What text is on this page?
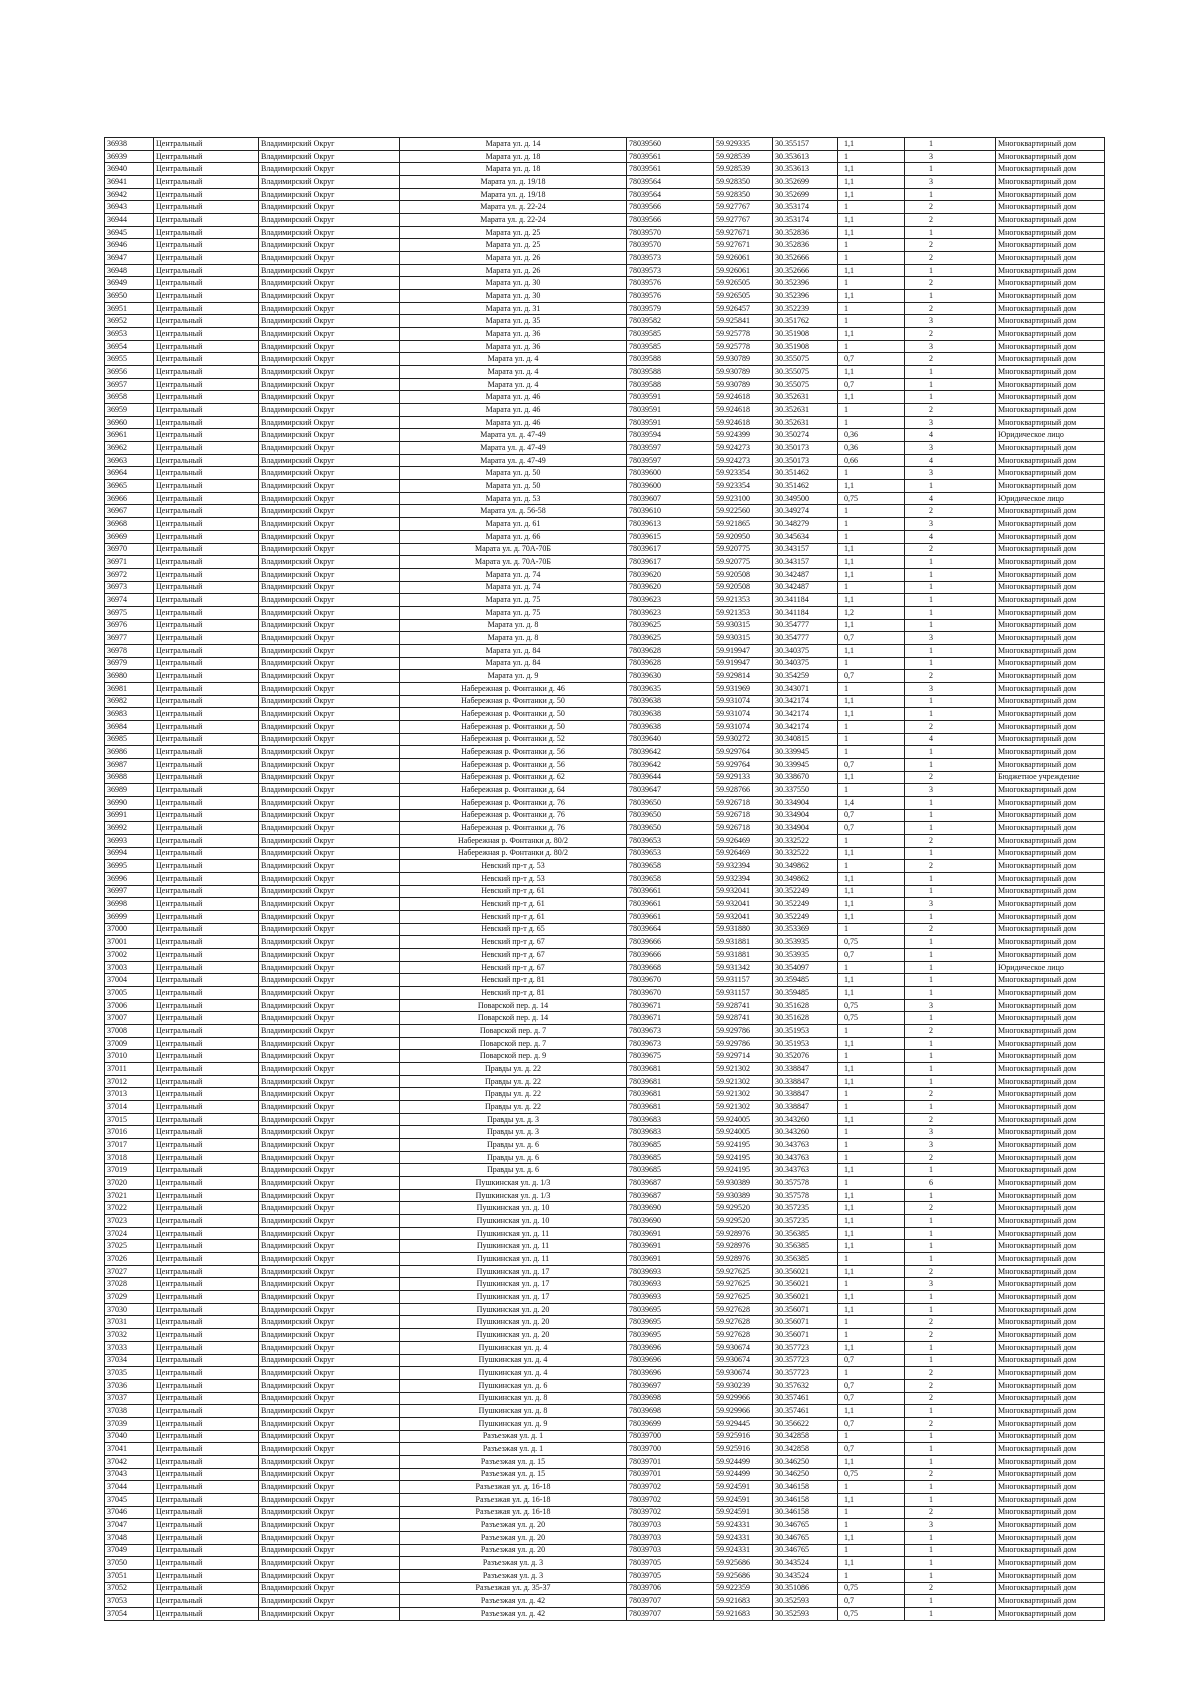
36938	Центральный	Владимирский Округ	Марата ул. д. 14	78039560	59.929335	30.355157	1,1	1	Многоквартирный дом
36939	Центральный	Владимирский Округ	Марата ул. д. 18	78039561	59.928539	30.353613	1	3	Многоквартирный дом
36940	Центральный	Владимирский Округ	Марата ул. д. 18	78039561	59.928539	30.353613	1,1	1	Многоквартирный дом
36941	Центральный	Владимирский Округ	Марата ул. д. 19/18	78039564	59.928350	30.352699	1,1	3	Многоквартирный дом
36942	Центральный	Владимирский Округ	Марата ул. д. 19/18	78039564	59.928350	30.352699	1,1	1	Многоквартирный дом
36943	Центральный	Владимирский Округ	Марата ул. д. 22-24	78039566	59.927767	30.353174	1	2	Многоквартирный дом
36944	Центральный	Владимирский Округ	Марата ул. д. 22-24	78039566	59.927767	30.353174	1,1	2	Многоквартирный дом
36945	Центральный	Владимирский Округ	Марата ул. д. 25	78039570	59.927671	30.352836	1,1	1	Многоквартирный дом
36946	Центральный	Владимирский Округ	Марата ул. д. 25	78039570	59.927671	30.352836	1	2	Многоквартирный дом
36947	Центральный	Владимирский Округ	Марата ул. д. 26	78039573	59.926061	30.352666	1	2	Многоквартирный дом
36948	Центральный	Владимирский Округ	Марата ул. д. 26	78039573	59.926061	30.352666	1,1	1	Многоквартирный дом
36949	Центральный	Владимирский Округ	Марата ул. д. 30	78039576	59.926505	30.352396	1	2	Многоквартирный дом
36950	Центральный	Владимирский Округ	Марата ул. д. 30	78039576	59.926505	30.352396	1,1	1	Многоквартирный дом
36951	Центральный	Владимирский Округ	Марата ул. д. 31	78039579	59.926457	30.352239	1	2	Многоквартирный дом
36952	Центральный	Владимирский Округ	Марата ул. д. 35	78039582	59.925841	30.351762	1	3	Многоквартирный дом
36953	Центральный	Владимирский Округ	Марата ул. д. 36	78039585	59.925778	30.351908	1,1	2	Многоквартирный дом
36954	Центральный	Владимирский Округ	Марата ул. д. 36	78039585	59.925778	30.351908	1	3	Многоквартирный дом
36955	Центральный	Владимирский Округ	Марата ул. д. 4	78039588	59.930789	30.355075	0,7	2	Многоквартирный дом
36956	Центральный	Владимирский Округ	Марата ул. д. 4	78039588	59.930789	30.355075	1,1	1	Многоквартирный дом
36957	Центральный	Владимирский Округ	Марата ул. д. 4	78039588	59.930789	30.355075	0,7	1	Многоквартирный дом
36958	Центральный	Владимирский Округ	Марата ул. д. 46	78039591	59.924618	30.352631	1,1	1	Многоквартирный дом
36959	Центральный	Владимирский Округ	Марата ул. д. 46	78039591	59.924618	30.352631	1	2	Многоквартирный дом
36960	Центральный	Владимирский Округ	Марата ул. д. 46	78039591	59.924618	30.352631	1	3	Многоквартирный дом
36961	Центральный	Владимирский Округ	Марата ул. д. 47-49	78039594	59.924399	30.350274	0,36	4	Юридическое лицо
36962	Центральный	Владимирский Округ	Марата ул. д. 47-49	78039597	59.924273	30.350173	0,36	3	Многоквартирный дом
36963	Центральный	Владимирский Округ	Марата ул. д. 47-49	78039597	59.924273	30.350173	0,66	4	Многоквартирный дом
36964	Центральный	Владимирский Округ	Марата ул. д. 50	78039600	59.923354	30.351462	1	3	Многоквартирный дом
36965	Центральный	Владимирский Округ	Марата ул. д. 50	78039600	59.923354	30.351462	1,1	1	Многоквартирный дом
36966	Центральный	Владимирский Округ	Марата ул. д. 53	78039607	59.923100	30.349500	0,75	4	Юридическое лицо
36967	Центральный	Владимирский Округ	Марата ул. д. 56-58	78039610	59.922560	30.349274	1	2	Многоквартирный дом
36968	Центральный	Владимирский Округ	Марата ул. д. 61	78039613	59.921865	30.348279	1	3	Многоквартирный дом
36969	Центральный	Владимирский Округ	Марата ул. д. 66	78039615	59.920950	30.345634	1	4	Многоквартирный дом
36970	Центральный	Владимирский Округ	Марата ул. д. 70А-70Б	78039617	59.920775	30.343157	1,1	2	Многоквартирный дом
36971	Центральный	Владимирский Округ	Марата ул. д. 70А-70Б	78039617	59.920775	30.343157	1,1	1	Многоквартирный дом
36972	Центральный	Владимирский Округ	Марата ул. д. 74	78039620	59.920508	30.342487	1,1	1	Многоквартирный дом
36973	Центральный	Владимирский Округ	Марата ул. д. 74	78039620	59.920508	30.342487	1	1	Многоквартирный дом
36974	Центральный	Владимирский Округ	Марата ул. д. 75	78039623	59.921353	30.341184	1,1	1	Многоквартирный дом
36975	Центральный	Владимирский Округ	Марата ул. д. 75	78039623	59.921353	30.341184	1,2	1	Многоквартирный дом
36976	Центральный	Владимирский Округ	Марата ул. д. 8	78039625	59.930315	30.354777	1,1	1	Многоквартирный дом
36977	Центральный	Владимирский Округ	Марата ул. д. 8	78039625	59.930315	30.354777	0,7	3	Многоквартирный дом
36978	Центральный	Владимирский Округ	Марата ул. д. 84	78039628	59.919947	30.340375	1,1	1	Многоквартирный дом
36979	Центральный	Владимирский Округ	Марата ул. д. 84	78039628	59.919947	30.340375	1	1	Многоквартирный дом
36980	Центральный	Владимирский Округ	Марата ул. д. 9	78039630	59.929814	30.354259	0,7	2	Многоквартирный дом
36981	Центральный	Владимирский Округ	Набережная р. Фонтанки д. 46	78039635	59.931969	30.343071	1	3	Многоквартирный дом
36982	Центральный	Владимирский Округ	Набережная р. Фонтанки д. 50	78039638	59.931074	30.342174	1,1	1	Многоквартирный дом
36983	Центральный	Владимирский Округ	Набережная р. Фонтанки д. 50	78039638	59.931074	30.342174	1,1	1	Многоквартирный дом
36984	Центральный	Владимирский Округ	Набережная р. Фонтанки д. 50	78039638	59.931074	30.342174	1	2	Многоквартирный дом
36985	Центральный	Владимирский Округ	Набережная р. Фонтанки д. 52	78039640	59.930272	30.340815	1	4	Многоквартирный дом
36986	Центральный	Владимирский Округ	Набережная р. Фонтанки д. 56	78039642	59.929764	30.339945	1	1	Многоквартирный дом
36987	Центральный	Владимирский Округ	Набережная р. Фонтанки д. 56	78039642	59.929764	30.339945	0,7	1	Многоквартирный дом
36988	Центральный	Владимирский Округ	Набережная р. Фонтанки д. 62	78039644	59.929133	30.338670	1,1	2	Бюджетное учреждение
36989	Центральный	Владимирский Округ	Набережная р. Фонтанки д. 64	78039647	59.928766	30.337550	1	3	Многоквартирный дом
36990	Центральный	Владимирский Округ	Набережная р. Фонтанки д. 76	78039650	59.926718	30.334904	1,4	1	Многоквартирный дом
36991	Центральный	Владимирский Округ	Набережная р. Фонтанки д. 76	78039650	59.926718	30.334904	0,7	1	Многоквартирный дом
36992	Центральный	Владимирский Округ	Набережная р. Фонтанки д. 76	78039650	59.926718	30.334904	0,7	1	Многоквартирный дом
36993	Центральный	Владимирский Округ	Набережная р. Фонтанки д. 80/2	78039653	59.926469	30.332522	1	2	Многоквартирный дом
36994	Центральный	Владимирский Округ	Набережная р. Фонтанки д. 80/2	78039653	59.926469	30.332522	1,1	1	Многоквартирный дом
36995	Центральный	Владимирский Округ	Невский пр-т д. 53	78039658	59.932394	30.349862	1	2	Многоквартирный дом
36996	Центральный	Владимирский Округ	Невский пр-т д. 53	78039658	59.932394	30.349862	1,1	1	Многоквартирный дом
36997	Центральный	Владимирский Округ	Невский пр-т д. 61	78039661	59.932041	30.352249	1,1	1	Многоквартирный дом
36998	Центральный	Владимирский Округ	Невский пр-т д. 61	78039661	59.932041	30.352249	1,1	3	Многоквартирный дом
36999	Центральный	Владимирский Округ	Невский пр-т д. 61	78039661	59.932041	30.352249	1,1	1	Многоквартирный дом
37000	Центральный	Владимирский Округ	Невский пр-т д. 65	78039664	59.931880	30.353369	1	2	Многоквартирный дом
37001	Центральный	Владимирский Округ	Невский пр-т д. 67	78039666	59.931881	30.353935	0,75	1	Многоквартирный дом
37002	Центральный	Владимирский Округ	Невский пр-т д. 67	78039666	59.931881	30.353935	0,7	1	Многоквартирный дом
37003	Центральный	Владимирский Округ	Невский пр-т д. 67	78039668	59.931342	30.354097	1	1	Юридическое лицо
37004	Центральный	Владимирский Округ	Невский пр-т д. 81	78039670	59.931157	30.359485	1,1	1	Многоквартирный дом
37005	Центральный	Владимирский Округ	Невский пр-т д. 81	78039670	59.931157	30.359485	1,1	1	Многоквартирный дом
37006	Центральный	Владимирский Округ	Поварской пер. д. 14	78039671	59.928741	30.351628	0,75	3	Многоквартирный дом
37007	Центральный	Владимирский Округ	Поварской пер. д. 14	78039671	59.928741	30.351628	0,75	1	Многоквартирный дом
37008	Центральный	Владимирский Округ	Поварской пер. д. 7	78039673	59.929786	30.351953	1	2	Многоквартирный дом
37009	Центральный	Владимирский Округ	Поварской пер. д. 7	78039673	59.929786	30.351953	1,1	1	Многоквартирный дом
37010	Центральный	Владимирский Округ	Поварской пер. д. 9	78039675	59.929714	30.352076	1	1	Многоквартирный дом
37011	Центральный	Владимирский Округ	Правды ул. д. 22	78039681	59.921302	30.338847	1,1	1	Многоквартирный дом
37012	Центральный	Владимирский Округ	Правды ул. д. 22	78039681	59.921302	30.338847	1,1	1	Многоквартирный дом
37013	Центральный	Владимирский Округ	Правды ул. д. 22	78039681	59.921302	30.338847	1	2	Многоквартирный дом
37014	Центральный	Владимирский Округ	Правды ул. д. 22	78039681	59.921302	30.338847	1	1	Многоквартирный дом
37015	Центральный	Владимирский Округ	Правды ул. д. 3	78039683	59.924005	30.343260	1,1	2	Многоквартирный дом
37016	Центральный	Владимирский Округ	Правды ул. д. 3	78039683	59.924005	30.343260	1	3	Многоквартирный дом
37017	Центральный	Владимирский Округ	Правды ул. д. 6	78039685	59.924195	30.343763	1	3	Многоквартирный дом
37018	Центральный	Владимирский Округ	Правды ул. д. 6	78039685	59.924195	30.343763	1	2	Многоквартирный дом
37019	Центральный	Владимирский Округ	Правды ул. д. 6	78039685	59.924195	30.343763	1,1	1	Многоквартирный дом
37020	Центральный	Владимирский Округ	Пушкинская ул. д. 1/3	78039687	59.930389	30.357578	1	6	Многоквартирный дом
37021	Центральный	Владимирский Округ	Пушкинская ул. д. 1/3	78039687	59.930389	30.357578	1,1	1	Многоквартирный дом
37022	Центральный	Владимирский Округ	Пушкинская ул. д. 10	78039690	59.929520	30.357235	1,1	2	Многоквартирный дом
37023	Центральный	Владимирский Округ	Пушкинская ул. д. 10	78039690	59.929520	30.357235	1,1	1	Многоквартирный дом
37024	Центральный	Владимирский Округ	Пушкинская ул. д. 11	78039691	59.928976	30.356385	1,1	1	Многоквартирный дом
37025	Центральный	Владимирский Округ	Пушкинская ул. д. 11	78039691	59.928976	30.356385	1,1	1	Многоквартирный дом
37026	Центральный	Владимирский Округ	Пушкинская ул. д. 11	78039691	59.928976	30.356385	1	1	Многоквартирный дом
37027	Центральный	Владимирский Округ	Пушкинская ул. д. 17	78039693	59.927625	30.356021	1,1	2	Многоквартирный дом
37028	Центральный	Владимирский Округ	Пушкинская ул. д. 17	78039693	59.927625	30.356021	1	3	Многоквартирный дом
37029	Центральный	Владимирский Округ	Пушкинская ул. д. 17	78039693	59.927625	30.356021	1,1	1	Многоквартирный дом
37030	Центральный	Владимирский Округ	Пушкинская ул. д. 20	78039695	59.927628	30.356071	1,1	1	Многоквартирный дом
37031	Центральный	Владимирский Округ	Пушкинская ул. д. 20	78039695	59.927628	30.356071	1	2	Многоквартирный дом
37032	Центральный	Владимирский Округ	Пушкинская ул. д. 20	78039695	59.927628	30.356071	1	2	Многоквартирный дом
37033	Центральный	Владимирский Округ	Пушкинская ул. д. 4	78039696	59.930674	30.357723	1,1	1	Многоквартирный дом
37034	Центральный	Владимирский Округ	Пушкинская ул. д. 4	78039696	59.930674	30.357723	0,7	1	Многоквартирный дом
37035	Центральный	Владимирский Округ	Пушкинская ул. д. 4	78039696	59.930674	30.357723	1	2	Многоквартирный дом
37036	Центральный	Владимирский Округ	Пушкинская ул. д. 6	78039697	59.930239	30.357632	0,7	2	Многоквартирный дом
37037	Центральный	Владимирский Округ	Пушкинская ул. д. 8	78039698	59.929966	30.357461	0,7	2	Многоквартирный дом
37038	Центральный	Владимирский Округ	Пушкинская ул. д. 8	78039698	59.929966	30.357461	1,1	1	Многоквартирный дом
37039	Центральный	Владимирский Округ	Пушкинская ул. д. 9	78039699	59.929445	30.356622	0,7	2	Многоквартирный дом
37040	Центральный	Владимирский Округ	Разъезжая ул. д. 1	78039700	59.925916	30.342858	1	1	Многоквартирный дом
37041	Центральный	Владимирский Округ	Разъезжая ул. д. 1	78039700	59.925916	30.342858	0,7	1	Многоквартирный дом
37042	Центральный	Владимирский Округ	Разъезжая ул. д. 15	78039701	59.924499	30.346250	1,1	1	Многоквартирный дом
37043	Центральный	Владимирский Округ	Разъезжая ул. д. 15	78039701	59.924499	30.346250	0,75	2	Многоквартирный дом
37044	Центральный	Владимирский Округ	Разъезжая ул. д. 16-18	78039702	59.924591	30.346158	1	1	Многоквартирный дом
37045	Центральный	Владимирский Округ	Разъезжая ул. д. 16-18	78039702	59.924591	30.346158	1,1	1	Многоквартирный дом
37046	Центральный	Владимирский Округ	Разъезжая ул. д. 16-18	78039702	59.924591	30.346158	1	2	Многоквартирный дом
37047	Центральный	Владимирский Округ	Разъезжая ул. д. 20	78039703	59.924331	30.346765	1	3	Многоквартирный дом
37048	Центральный	Владимирский Округ	Разъезжая ул. д. 20	78039703	59.924331	30.346765	1,1	1	Многоквартирный дом
37049	Центральный	Владимирский Округ	Разъезжая ул. д. 20	78039703	59.924331	30.346765	1	1	Многоквартирный дом
37050	Центральный	Владимирский Округ	Разъезжая ул. д. 3	78039705	59.925686	30.343524	1,1	1	Многоквартирный дом
37051	Центральный	Владимирский Округ	Разъезжая ул. д. 3	78039705	59.925686	30.343524	1	1	Многоквартирный дом
37052	Центральный	Владимирский Округ	Разъезжая ул. д. 35-37	78039706	59.922359	30.351086	0,75	2	Многоквартирный дом
37053	Центральный	Владимирский Округ	Разъезжая ул. д. 42	78039707	59.921683	30.352593	0,7	1	Многоквартирный дом
37054	Центральный	Владимирский Округ	Разъезжая ул. д. 42	78039707	59.921683	30.352593	0,75	1	Многоквартирный дом
